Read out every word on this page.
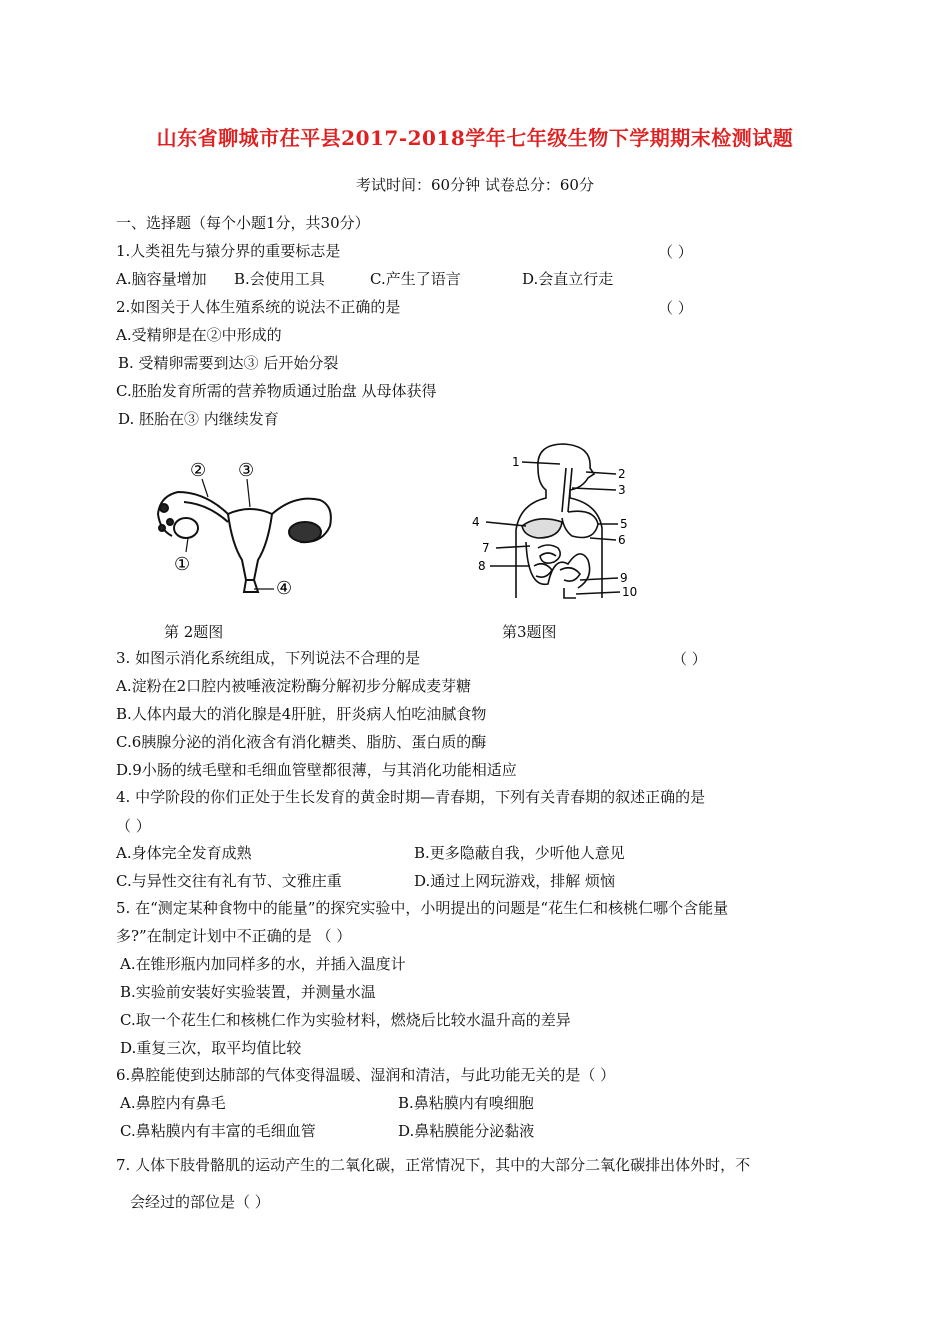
山东省聊城市茌平县2017-2018学年七年级生物下学期期末检测试题
考试时间：60分钟 试卷总分：60分
一、选择题（每个小题1分，共30分）
1.人类祖先与猿分界的重要标志是	（ ）
A.脑容量增加 B.会使用工具	C.产生了语言	D.会直立行走
2.如图关于人体生殖系统的说法不正确的是	（ ）
A.受精卵是在②中形成的
B. 受精卵需要到达③ 后开始分裂
C.胚胎发育所需的营养物质通过胎盘 从母体获得
D. 胚胎在③ 内继续发育
② ③
①
④
第 2题图
1
2
3
4	5
6
7
8
9
10
第3题图
3. 如图示消化系统组成，下列说法不合理的是	（ ）
A.淀粉在2口腔内被唾液淀粉酶分解初步分解成麦芽糖
B.人体内最大的消化腺是4肝脏，肝炎病人怕吃油腻食物
C.6胰腺分泌的消化液含有消化糖类、脂肪、蛋白质的酶
D.9小肠的绒毛壁和毛细血管壁都很薄，与其消化功能相适应
4. 中学阶段的你们正处于生长发育的黄金时期—青春期，下列有关青春期的叙述正确的是
（ ）
A.身体完全发育成熟	B.更多隐蔽自我，少听他人意见
C.与异性交往有礼有节、文雅庄重	D.通过上网玩游戏，排解 烦恼
5. 在“测定某种食物中的能量”的探究实验中，小明提出的问题是“花生仁和核桃仁哪个含能量
多?”在制定计划中不正确的是 （ ）
A.在锥形瓶内加同样多的水，并插入温度计
B.实验前安装好实验装置，并测量水温
C.取一个花生仁和核桃仁作为实验材料，燃烧后比较水温升高的差异
D.重复三次，取平均值比较
6.鼻腔能使到达肺部的气体变得温暖、湿润和清洁，与此功能无关的是（ ）
A.鼻腔内有鼻毛	B.鼻粘膜内有嗅细胞
C.鼻粘膜内有丰富的毛细血管	D.鼻粘膜能分泌黏液
7. 人体下肢骨骼肌的运动产生的二氧化碳，正常情况下，其中的大部分二氧化碳排出体外时，不
会经过的部位是（ ）
